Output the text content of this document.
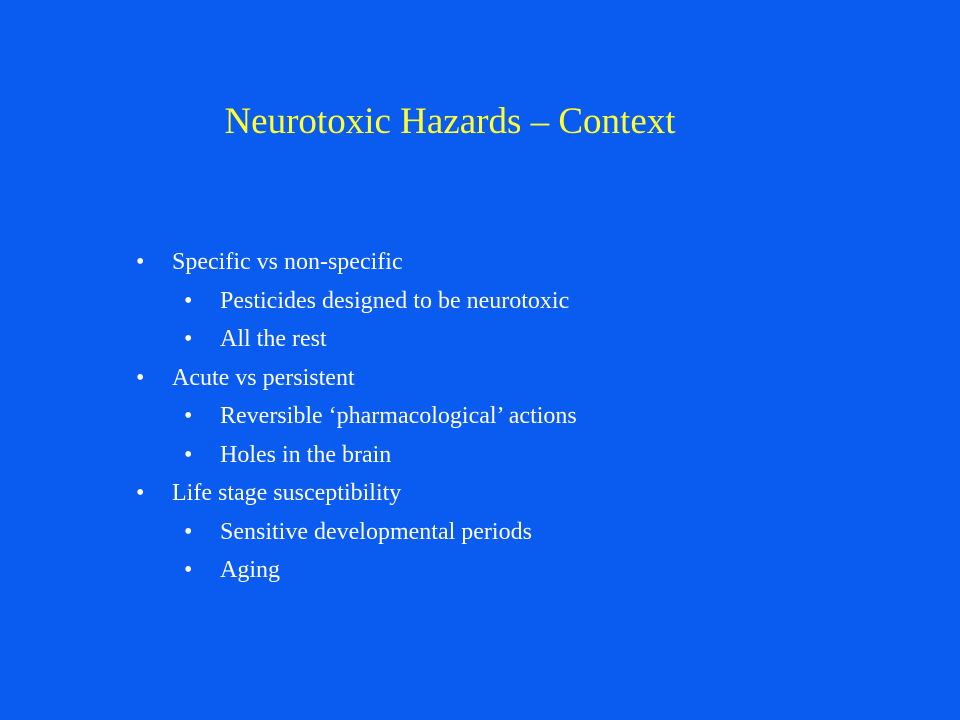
Neurotoxic Hazards – Context
• Specific vs non-specific
• Pesticides designed to be neurotoxic
• All the rest
• Acute vs persistent
• Reversible ‘pharmacological’ actions
• Holes in the brain
• Life stage susceptibility
• Sensitive developmental periods
• Aging
